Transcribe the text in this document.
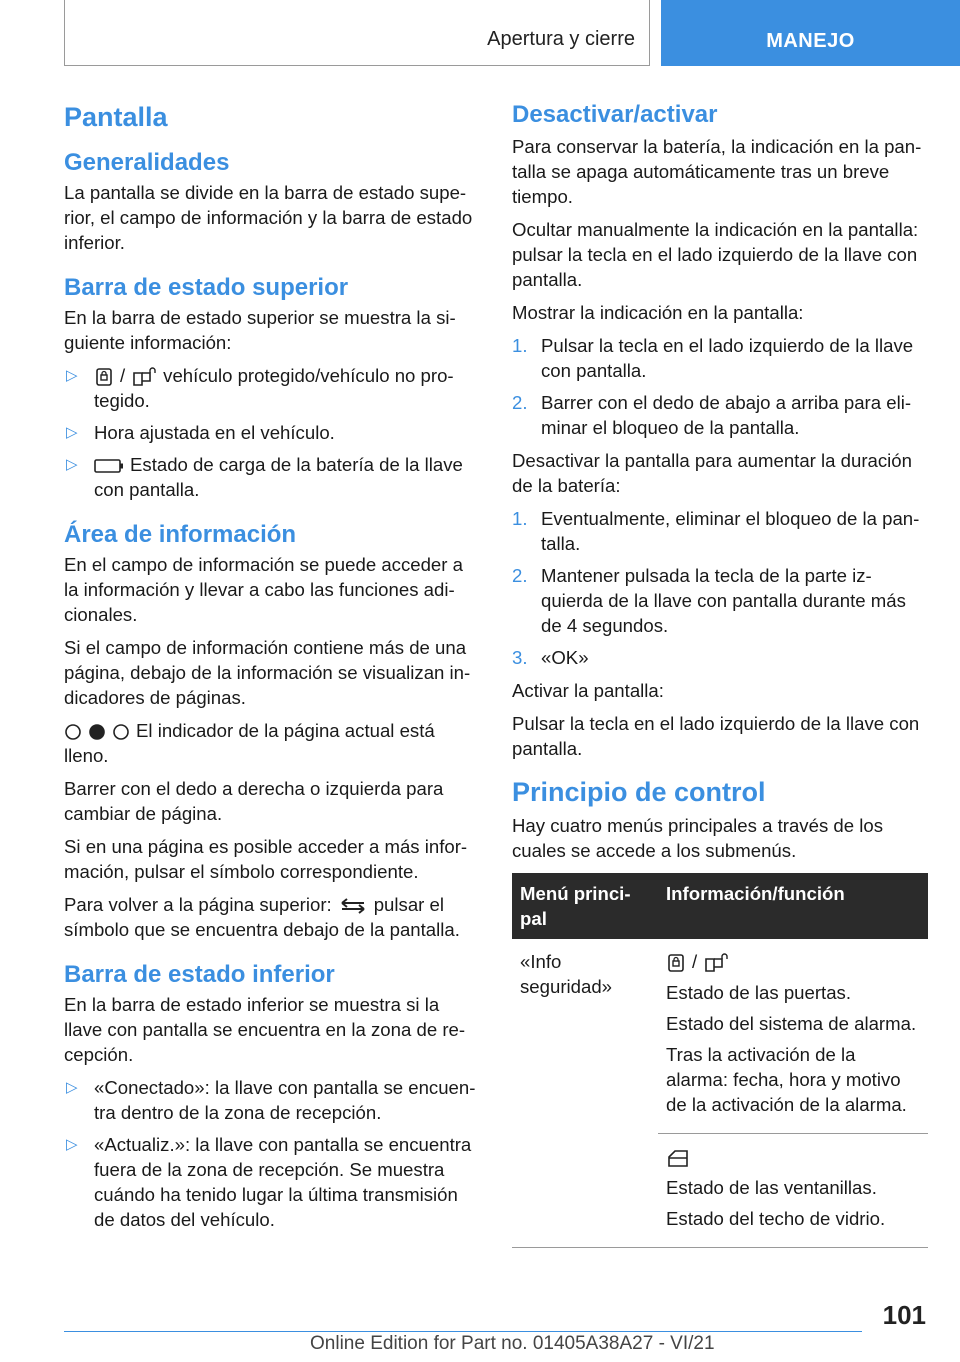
Apertura y cierre	MANEJO
Pantalla
Generalidades

La pantalla se divide en la barra de estado supe-rior, el campo de información y la barra de estado inferior.

Barra de estado superior

En la barra de estado superior se muestra la si-guiente información:

▷ / vehículo protegido/vehículo no pro-tegido.
▷ Hora ajustada en el vehículo.
▷ Estado de carga de la batería de la llave con pantalla.
Área de información

En el campo de información se puede acceder a la información y llevar a cabo las funciones adi-cionales.

Si el campo de información contiene más de una página, debajo de la información se visualizan in-dicadores de páginas.

El indicador de la página actual está lleno.

Barrer con el dedo a derecha o izquierda para cambiar de página.

Si en una página es posible acceder a más infor-mación, pulsar el símbolo correspondiente.

Para volver a la página superior: pulsar el símbolo que se encuentra debajo de la pantalla.

Barra de estado inferior

En la barra de estado inferior se muestra si la llave con pantalla se encuentra en la zona de re-cepción.

▷ «Conectado»: la llave con pantalla se encuen-tra dentro de la zona de recepción.
▷ «Actualiz.»: la llave con pantalla se encuentra fuera de la zona de recepción. Se muestra cuándo ha tenido lugar la última transmisión de datos del vehículo.
Desactivar/activar

Para conservar la batería, la indicación en la pan-talla se apaga automáticamente tras un breve tiempo.

Ocultar manualmente la indicación en la pantalla: pulsar la tecla en el lado izquierdo de la llave con pantalla.

Mostrar la indicación en la pantalla:

1. Pulsar la tecla en el lado izquierdo de la llave con pantalla.
2. Barrer con el dedo de abajo a arriba para eli-minar el bloqueo de la pantalla.

Desactivar la pantalla para aumentar la duración de la batería:

1. Eventualmente, eliminar el bloqueo de la pan-talla.
2. Mantener pulsada la tecla de la parte iz-quierda de la llave con pantalla durante más de 4 segundos.
3. «OK»

Activar la pantalla:

Pulsar la tecla en el lado izquierdo de la llave con pantalla.

Principio de control

Hay cuatro menús principales a través de los cuales se accede a los submenús.

Menú princi-pal	Información/función
«Info seguridad»	/

Estado de las puertas.

Estado del sistema de alarma.

Tras la activación de la alarma: fecha, hora y motivo de la activación de la alarma.

	Estado de las ventanillas.

Estado del techo de vidrio.

101
Online Edition for Part no. 01405A38A27 - VI/21
